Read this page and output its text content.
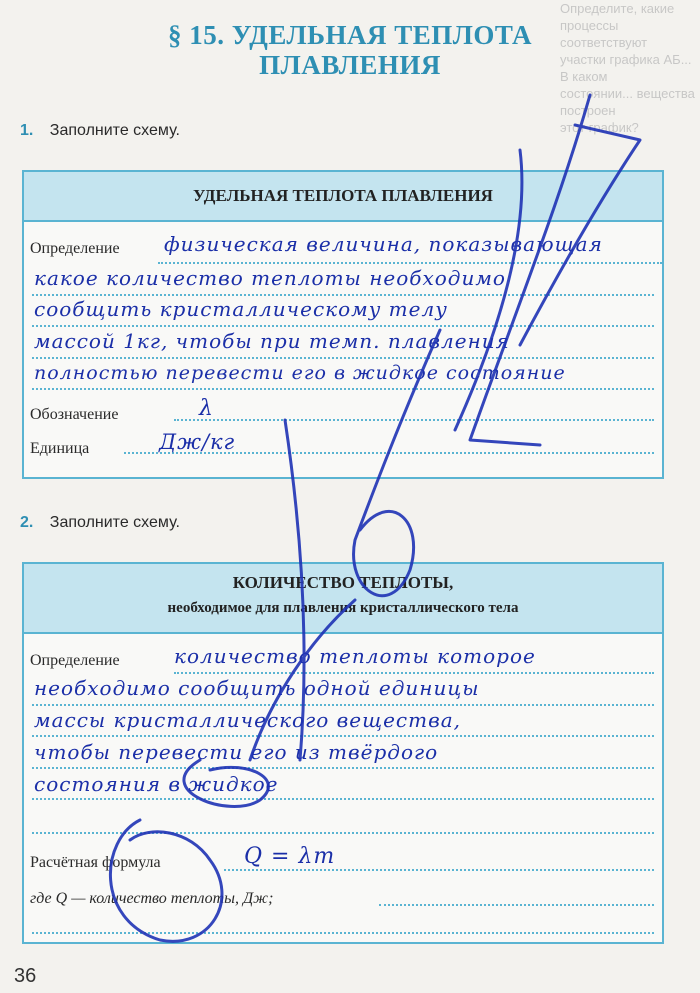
Определите, какие процессы соответствуют
участки графика АБ... В каком
состоянии... вещества построен
этот график?
§ 15. УДЕЛЬНАЯ ТЕПЛОТА
ПЛАВЛЕНИЯ
1. Заполните схему.
УДЕЛЬНАЯ ТЕПЛОТА ПЛАВЛЕНИЯ
Определение
Обозначение
Единица
физическая величина, показывающая
какое количество теплоты необходимо
сообщить кристаллическому телу
массой 1кг, чтобы при темп. плавления
полностью перевести его в жидкое состояние
λ
Дж/кг
2. Заполните схему.
КОЛИЧЕСТВО ТЕПЛОТЫ,
необходимое для плавления кристаллического тела
Определение
Расчётная формула
где Q — количество теплоты, Дж;
количество теплоты которое
необходимо сообщить одной единицы
массы кристаллического вещества,
чтобы перевести его из твёрдого
состояния в жидкое
Q = λm
36
